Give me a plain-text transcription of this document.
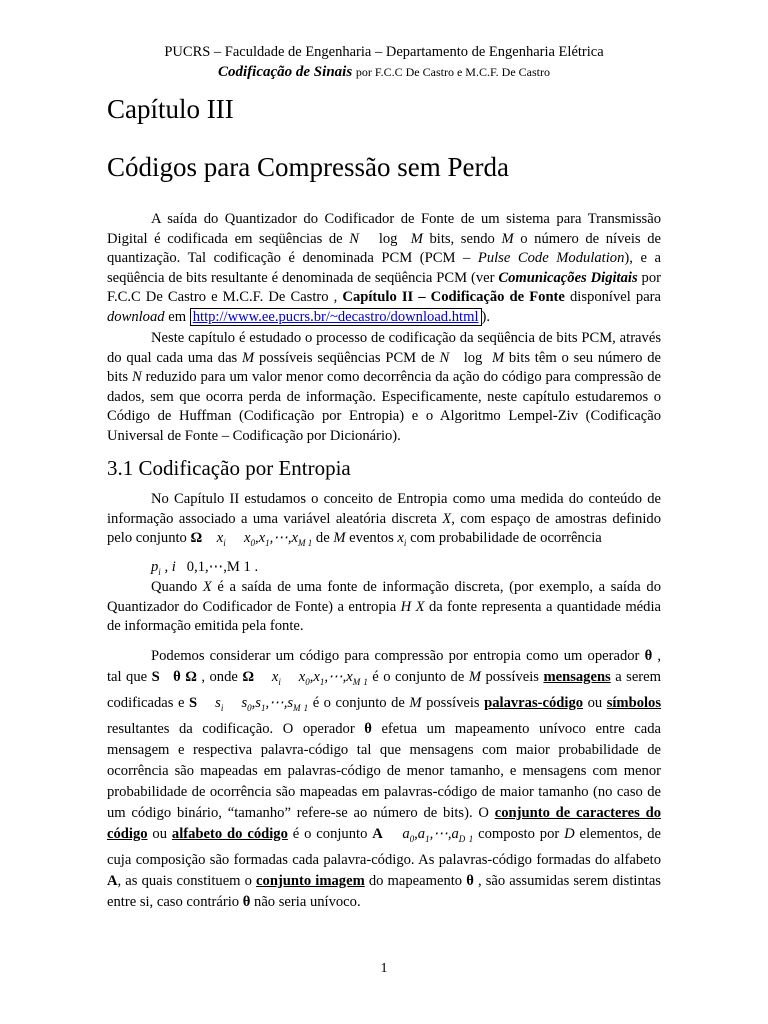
PUCRS – Faculdade de Engenharia – Departamento de Engenharia Elétrica
Codificação de Sinais por F.C.C De Castro e M.C.F. De Castro
Capítulo III
Códigos para Compressão sem Perda
A saída do Quantizador do Codificador de Fonte de um sistema para Transmissão Digital é codificada em seqüências de N log M bits, sendo M o número de níveis de quantização. Tal codificação é denominada PCM (PCM – Pulse Code Modulation), e a seqüência de bits resultante é denominada de seqüência PCM (ver Comunicações Digitais por F.C.C De Castro e M.C.F. De Castro , Capítulo II – Codificação de Fonte disponível para download em http://www.ee.pucrs.br/~decastro/download.html ).
Neste capítulo é estudado o processo de codificação da seqüência de bits PCM, através do qual cada uma das M possíveis seqüências PCM de N log M bits têm o seu número de bits N reduzido para um valor menor como decorrência da ação do código para compressão de dados, sem que ocorra perda de informação. Especificamente, neste capítulo estudaremos o Código de Huffman (Codificação por Entropia) e o Algoritmo Lempel-Ziv (Codificação Universal de Fonte – Codificação por Dicionário).
3.1 Codificação por Entropia
No Capítulo II estudamos o conceito de Entropia como uma medida do conteúdo de informação associado a uma variável aleatória discreta X, com espaço de amostras definido pelo conjunto Ω $x_i$ $x_0,x_1,\cdots,x_{M 1}$ de M eventos $x_i$ com probabilidade de ocorrência
$p_i$ , i 0,1,⋯,M 1 .
Quando X é a saída de uma fonte de informação discreta, (por exemplo, a saída do Quantizador do Codificador de Fonte) a entropia H X da fonte representa a quantidade média de informação emitida pela fonte.
Podemos considerar um código para compressão por entropia como um operador θ , tal que S θ Ω , onde Ω $x_i$ $x_0,x_1,\cdots,x_{M 1}$ é o conjunto de M possíveis mensagens a serem codificadas e S $s_i$ $s_0,s_1,\cdots,s_{M 1}$ é o conjunto de M possíveis palavras-código ou símbolos resultantes da codificação. O operador θ efetua um mapeamento unívoco entre cada mensagem e respectiva palavra-código tal que mensagens com maior probabilidade de ocorrência são mapeadas em palavras-código de menor tamanho, e mensagens com menor probabilidade de ocorrência são mapeadas em palavras-código de maior tamanho (no caso de um código binário, “tamanho” refere-se ao número de bits). O conjunto de caracteres do código ou alfabeto do código é o conjunto A $a_0,a_1,\cdots,a_{D 1}$ composto por D elementos, de cuja composição são formadas cada palavra-código. As palavras-código formadas do alfabeto A, as quais constituem o conjunto imagem do mapeamento θ , são assumidas serem distintas entre si, caso contrário θ não seria unívoco.
1
